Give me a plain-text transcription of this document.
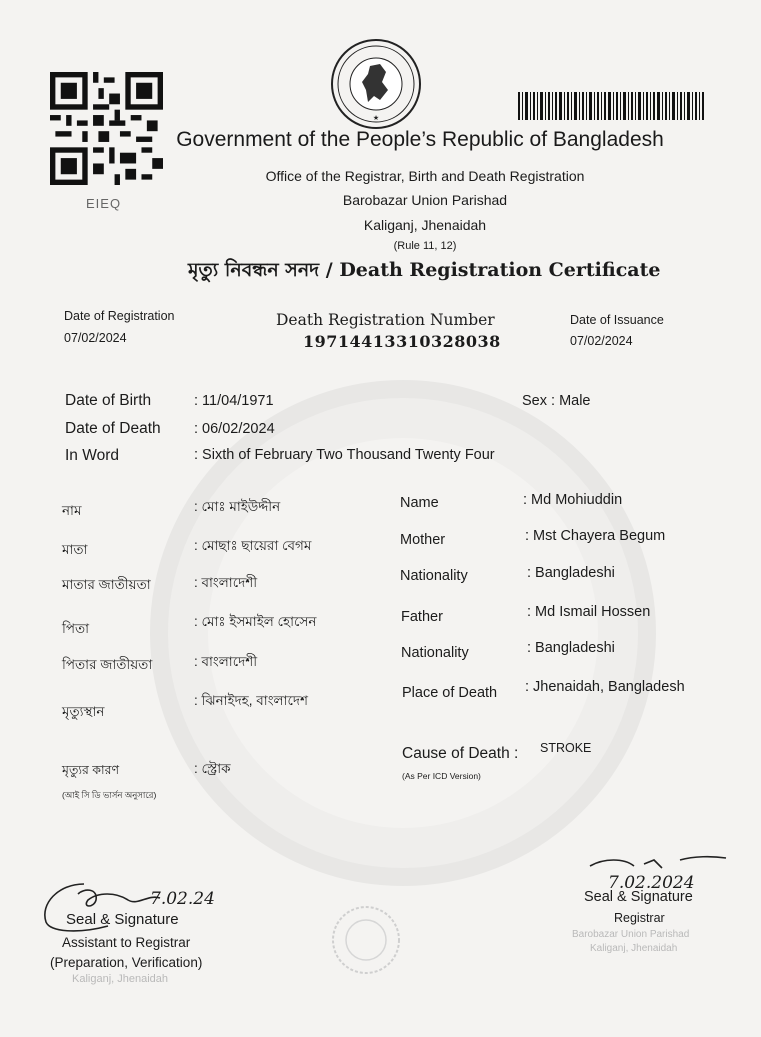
EIEQ
★
Government of the People’s Republic of Bangladesh
Office of the Registrar, Birth and Death Registration
Barobazar Union Parishad
Kaliganj, Jhenaidah
(Rule 11, 12)
মৃত্যু নিবন্ধন সনদ / Death Registration Certificate
Date of Registration
07/02/2024
Death Registration Number
19714413310328038
Date of Issuance
07/02/2024
Date of Birth	: 11/04/1971	Sex : Male
Date of Death : 06/02/2024
In Word	: Sixth of February Two Thousand Twenty Four
নাম	: মোঃ মাইউদ্দীন
মাতা	: মোছাঃ ছায়েরা বেগম
মাতার জাতীয়তা	: বাংলাদেশী
পিতা	: মোঃ ইসমাইল হোসেন
পিতার জাতীয়তা	: বাংলাদেশী
মৃত্যুস্থান
: ঝিনাইদহ, বাংলাদেশ
মৃত্যুর কারণ
(আই সি ডি ভার্সন অনুসারে)
: স্ট্রোক
Name	: Md Mohiuddin
Mother	: Mst Chayera Begum
Nationality	: Bangladeshi
Father	: Md Ismail Hossen
Nationality	: Bangladeshi
Place of Death : Jhenaidah, Bangladesh
Cause of Death :
(As Per ICD Version)
STROKE
7.02.24
Seal & Signature
Assistant to Registrar
(Preparation, Verification)
Kaliganj, Jhenaidah
7.02.2024
Seal & Signature
Registrar
Barobazar Union Parishad
Kaliganj, Jhenaidah
